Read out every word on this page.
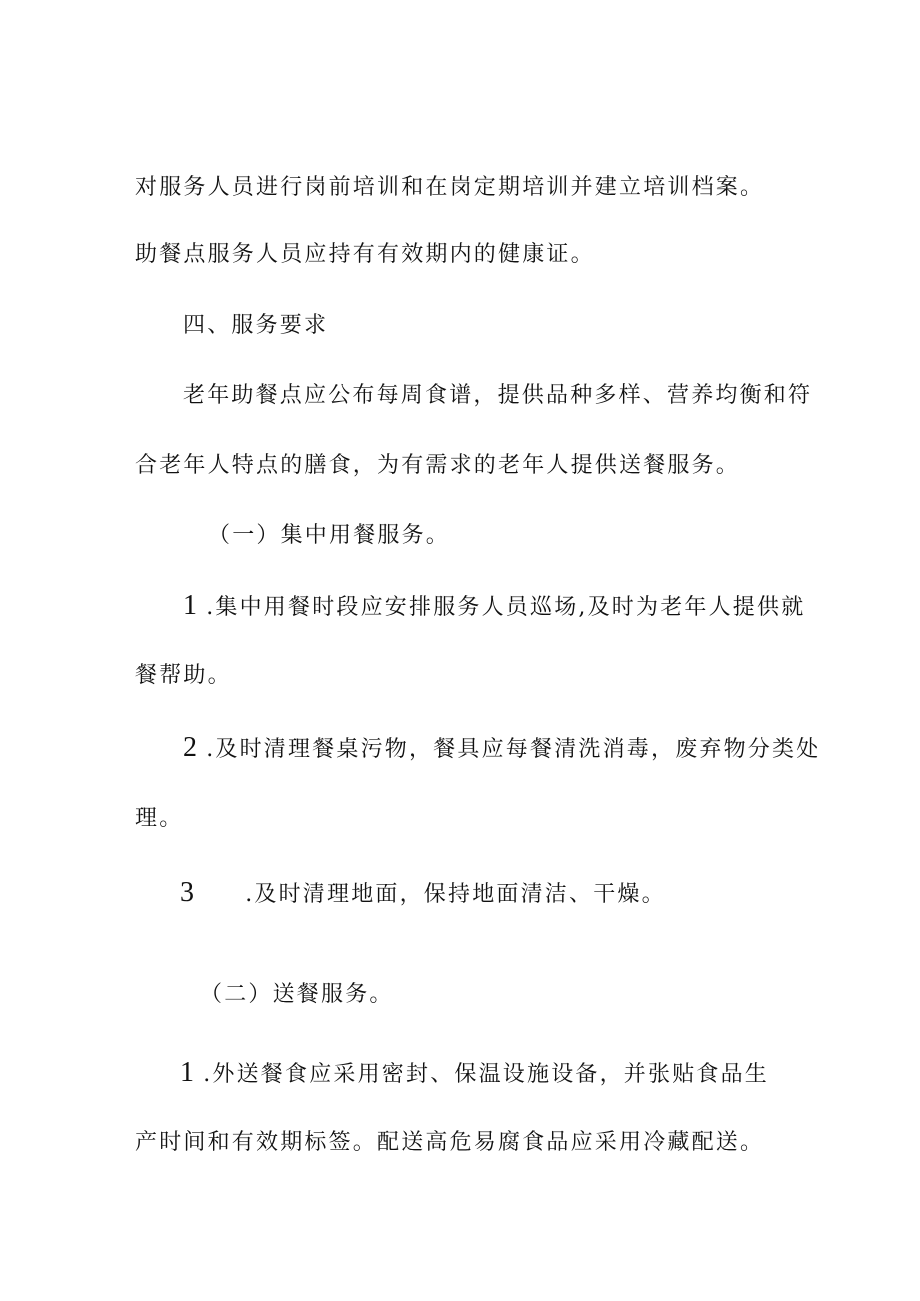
对服务人员进行岗前培训和在岗定期培训并建立培训档案。
助餐点服务人员应持有有效期内的健康证。
四、服务要求
老年助餐点应公布每周食谱，提供品种多样、营养均衡和符
合老年人特点的膳食，为有需求的老年人提供送餐服务。
（一）集中用餐服务。
1 .集中用餐时段应安排服务人员巡场,及时为老年人提供就
餐帮助。
2 .及时清理餐桌污物，餐具应每餐清洗消毒，废弃物分类处
理。
3 .及时清理地面，保持地面清洁、干燥。
（二）送餐服务。
1 .外送餐食应采用密封、保温设施设备，并张贴食品生
产时间和有效期标签。配送高危易腐食品应采用冷藏配送。
